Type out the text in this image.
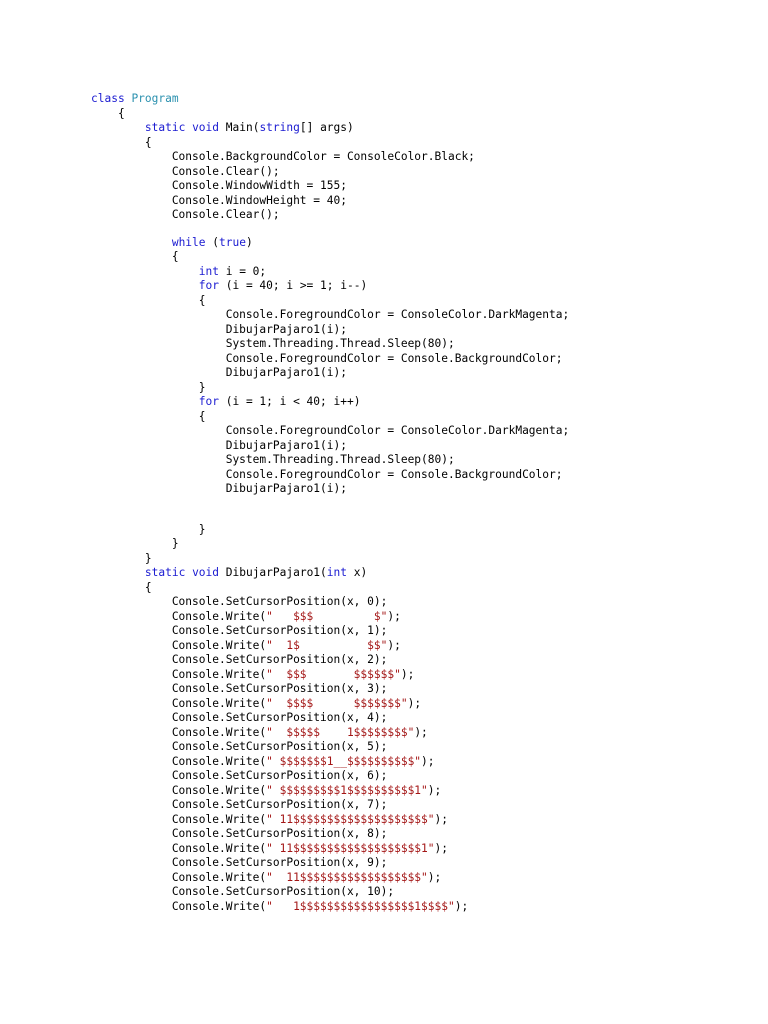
class Program
{
static void Main(string[] args)
{
Console.BackgroundColor = ConsoleColor.Black;
Console.Clear();
Console.WindowWidth = 155;
Console.WindowHeight = 40;
Console.Clear();
while (true)
{
int i = 0;
for (i = 40; i >= 1; i--)
{
Console.ForegroundColor = ConsoleColor.DarkMagenta;
DibujarPajaro1(i);
System.Threading.Thread.Sleep(80);
Console.ForegroundColor = Console.BackgroundColor;
DibujarPajaro1(i);
}
for (i = 1; i < 40; i++)
{
Console.ForegroundColor = ConsoleColor.DarkMagenta;
DibujarPajaro1(i);
System.Threading.Thread.Sleep(80);
Console.ForegroundColor = Console.BackgroundColor;
DibujarPajaro1(i);
}
}
}
static void DibujarPajaro1(int x)
{
Console.SetCursorPosition(x, 0);
Console.Write("   $$$         $");
Console.SetCursorPosition(x, 1);
Console.Write("  1$          $$");
Console.SetCursorPosition(x, 2);
Console.Write("  $$$       $$$$$$");
Console.SetCursorPosition(x, 3);
Console.Write("  $$$$      $$$$$$$");
Console.SetCursorPosition(x, 4);
Console.Write("  $$$$$    1$$$$$$$$");
Console.SetCursorPosition(x, 5);
Console.Write(" $$$$$$$1__$$$$$$$$$$");
Console.SetCursorPosition(x, 6);
Console.Write(" $$$$$$$$$1$$$$$$$$$$1");
Console.SetCursorPosition(x, 7);
Console.Write(" 11$$$$$$$$$$$$$$$$$$$$");
Console.SetCursorPosition(x, 8);
Console.Write(" 11$$$$$$$$$$$$$$$$$$$1");
Console.SetCursorPosition(x, 9);
Console.Write("  11$$$$$$$$$$$$$$$$$$");
Console.SetCursorPosition(x, 10);
Console.Write("   1$$$$$$$$$$$$$$$$$1$$$$");
